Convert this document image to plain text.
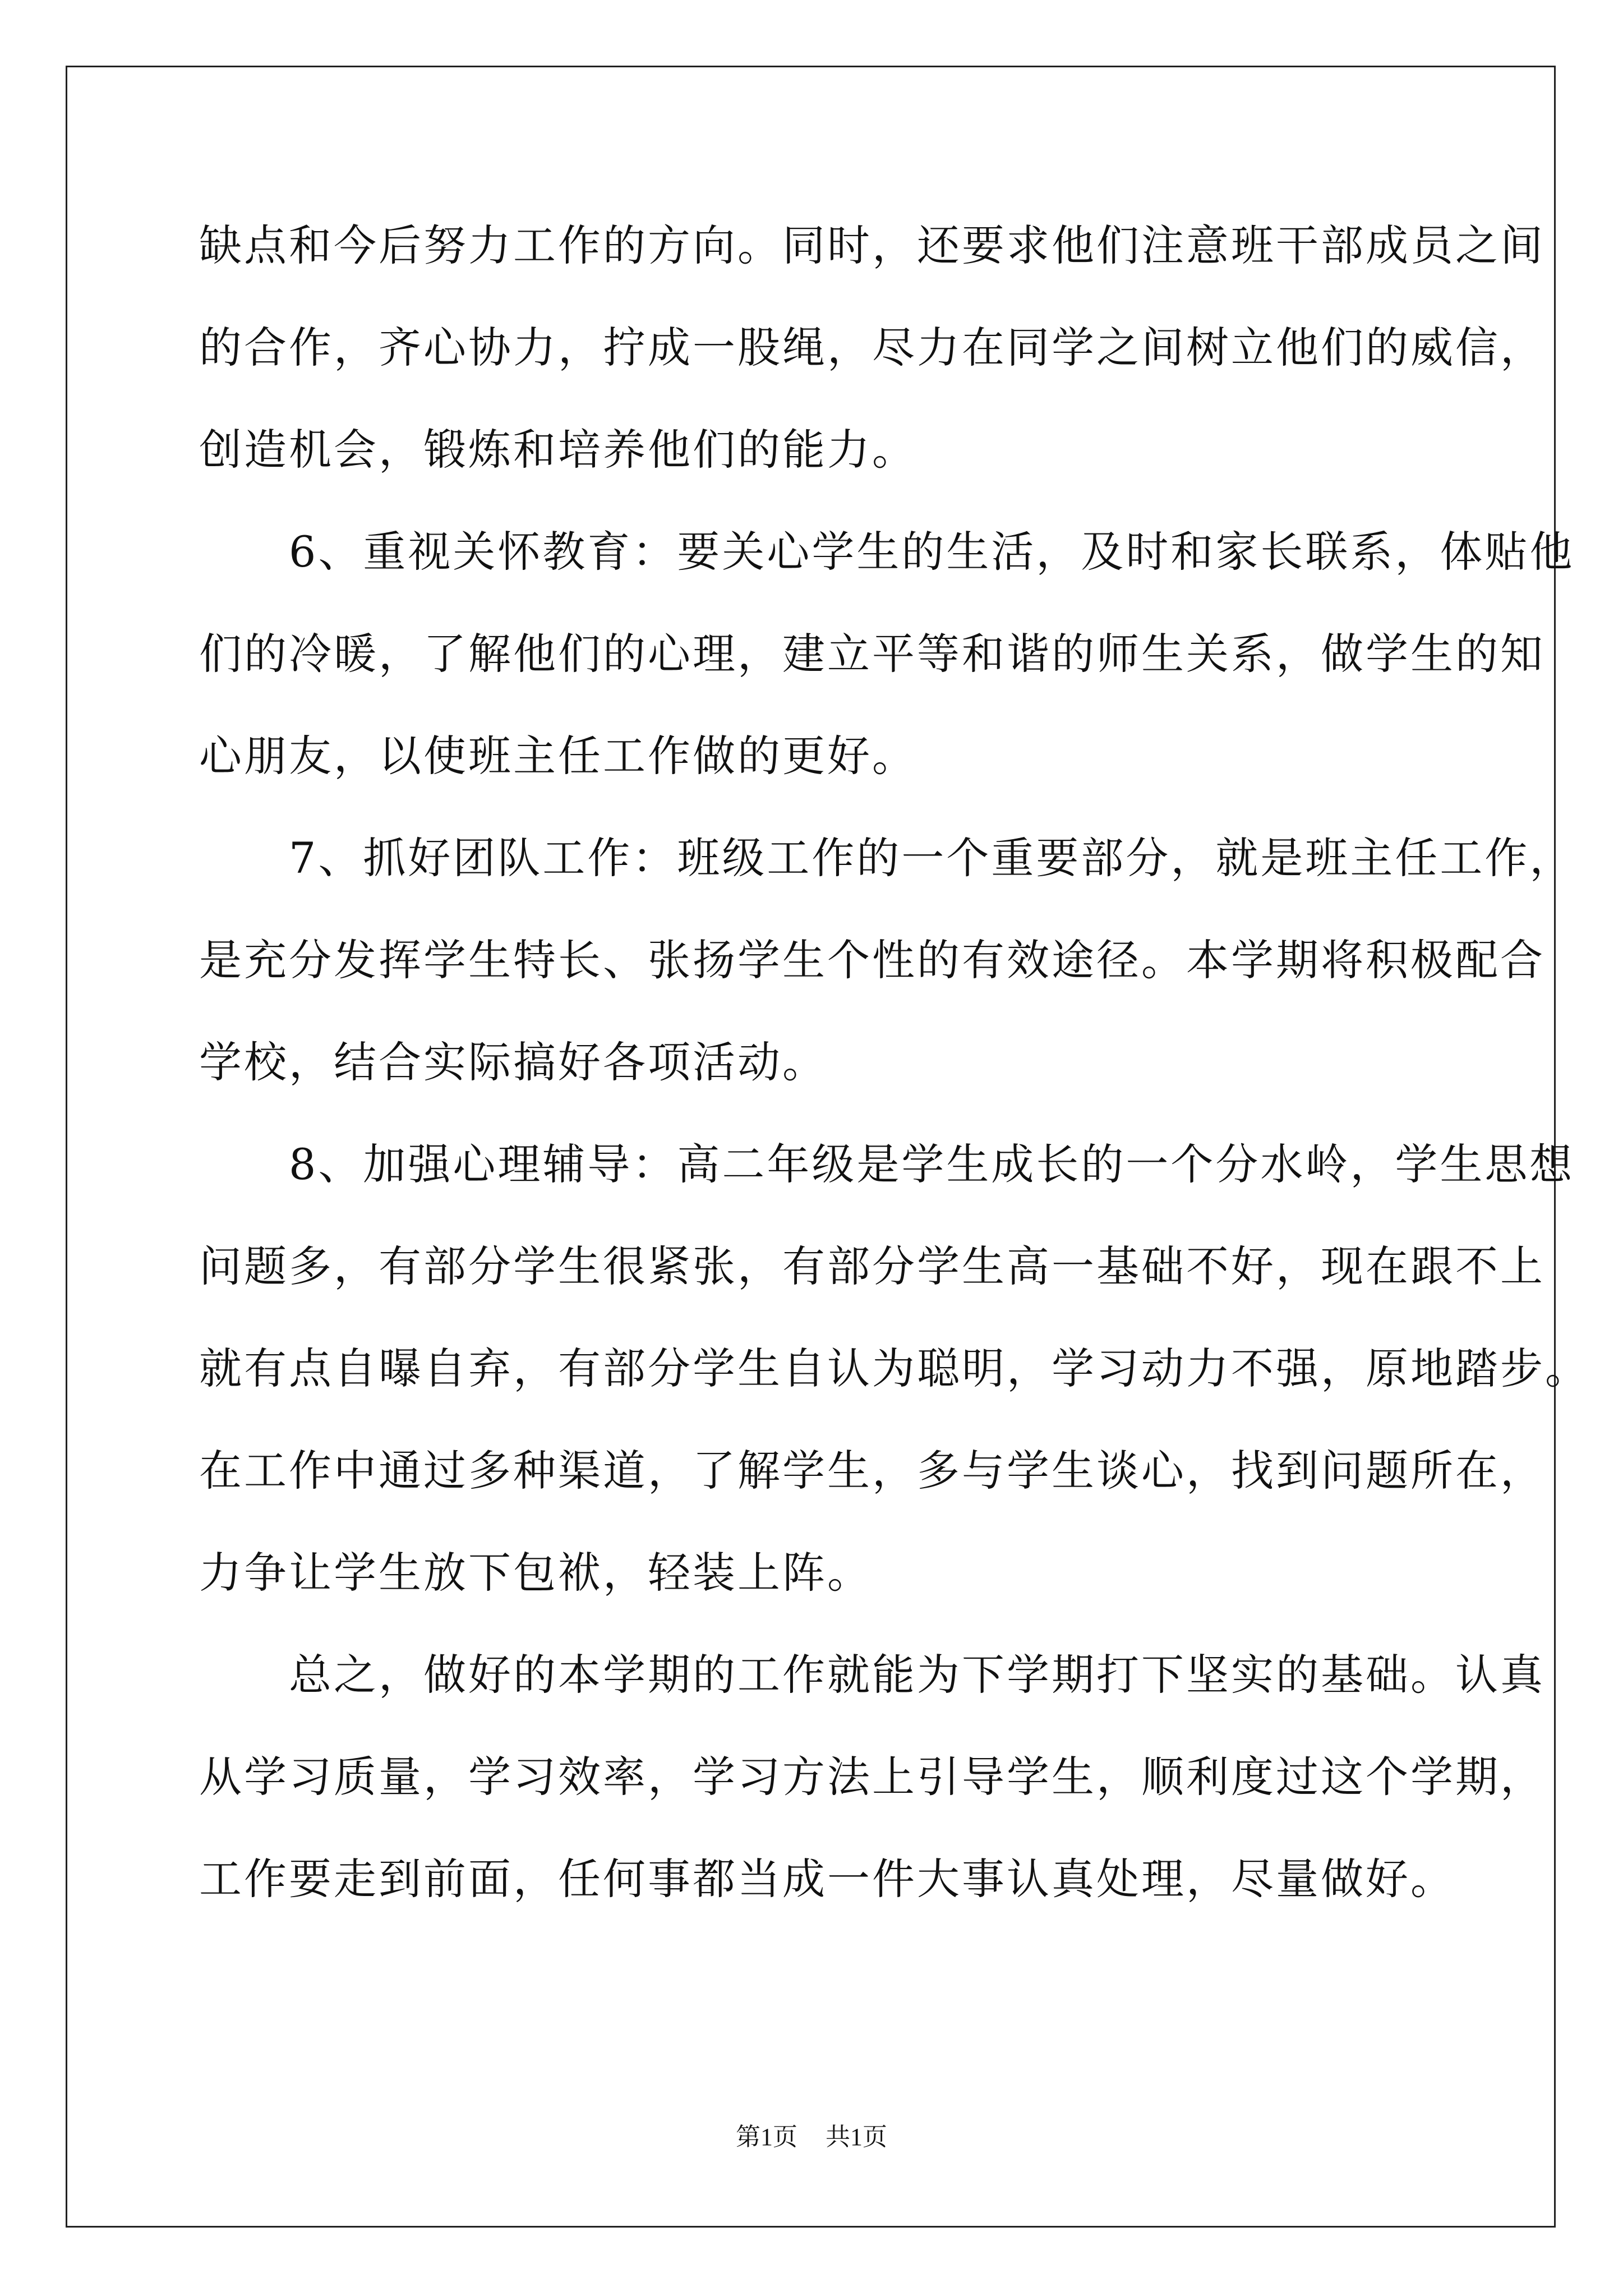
缺点和今后努力工作的方向。同时，还要求他们注意班干部成员之间
的合作，齐心协力，拧成一股绳，尽力在同学之间树立他们的威信，
创造机会，锻炼和培养他们的能力。
　　6、重视关怀教育：要关心学生的生活，及时和家长联系，体贴他
们的冷暖，了解他们的心理，建立平等和谐的师生关系，做学生的知
心朋友，以使班主任工作做的更好。
　　7、抓好团队工作：班级工作的一个重要部分，就是班主任工作，
是充分发挥学生特长、张扬学生个性的有效途径。本学期将积极配合
学校，结合实际搞好各项活动。
　　8、加强心理辅导：高二年级是学生成长的一个分水岭，学生思想
问题多，有部分学生很紧张，有部分学生高一基础不好，现在跟不上
就有点自曝自弃，有部分学生自认为聪明，学习动力不强，原地踏步。
在工作中通过多种渠道，了解学生，多与学生谈心，找到问题所在，
力争让学生放下包袱，轻装上阵。
　　总之，做好的本学期的工作就能为下学期打下坚实的基础。认真
从学习质量，学习效率，学习方法上引导学生，顺利度过这个学期，
工作要走到前面，任何事都当成一件大事认真处理，尽量做好。
第1页 共1页
